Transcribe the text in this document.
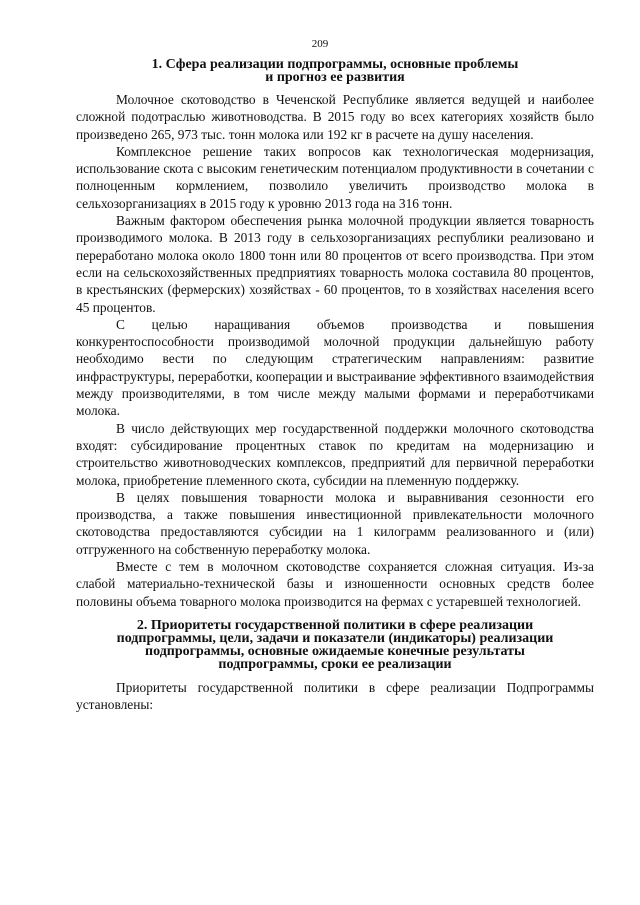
209
1. Сфера реализации подпрограммы, основные проблемы
и прогноз ее развития

Молочное скотоводство в Чеченской Республике является ведущей и наиболее сложной подотраслью животноводства. В 2015 году во всех категориях хозяйств было произведено 265, 973 тыс. тонн молока или 192 кг в расчете на душу населения.

Комплексное решение таких вопросов как технологическая модернизация, использование скота с высоким генетическим потенциалом продуктивности в сочетании с полноценным кормлением, позволило увеличить производство молока в сельхозорганизациях в 2015 году к уровню 2013 года на 316 тонн.

Важным фактором обеспечения рынка молочной продукции является товарность производимого молока. В 2013 году в сельхозорганизациях республики реализовано и переработано молока около 1800 тонн или 80 процентов от всего производства. При этом если на сельскохозяйственных предприятиях товарность молока составила 80 процентов, в крестьянских (фермерских) хозяйствах - 60 процентов, то в хозяйствах населения всего 45 процентов.

С целью наращивания объемов производства и повышения конкурентоспособности производимой молочной продукции дальнейшую работу необходимо вести по следующим стратегическим направлениям: развитие инфраструктуры, переработки, кооперации и выстраивание эффективного взаимодействия между производителями, в том числе между малыми формами и переработчиками молока.

В число действующих мер государственной поддержки молочного скотоводства входят: субсидирование процентных ставок по кредитам на модернизацию и строительство животноводческих комплексов, предприятий для первичной переработки молока, приобретение племенного скота, субсидии на племенную поддержку.

В целях повышения товарности молока и выравнивания сезонности его производства, а также повышения инвестиционной привлекательности молочного скотоводства предоставляются субсидии на 1 килограмм реализованного и (или) отгруженного на собственную переработку молока.

Вместе с тем в молочном скотоводстве сохраняется сложная ситуация. Из-за слабой материально-технической базы и изношенности основных средств более половины объема товарного молока производится на фермах с устаревшей технологией.

2. Приоритеты государственной политики в сфере реализации
подпрограммы, цели, задачи и показатели (индикаторы) реализации
подпрограммы, основные ожидаемые конечные результаты
подпрограммы, сроки ее реализации

Приоритеты государственной политики в сфере реализации Подпрограммы установлены:
